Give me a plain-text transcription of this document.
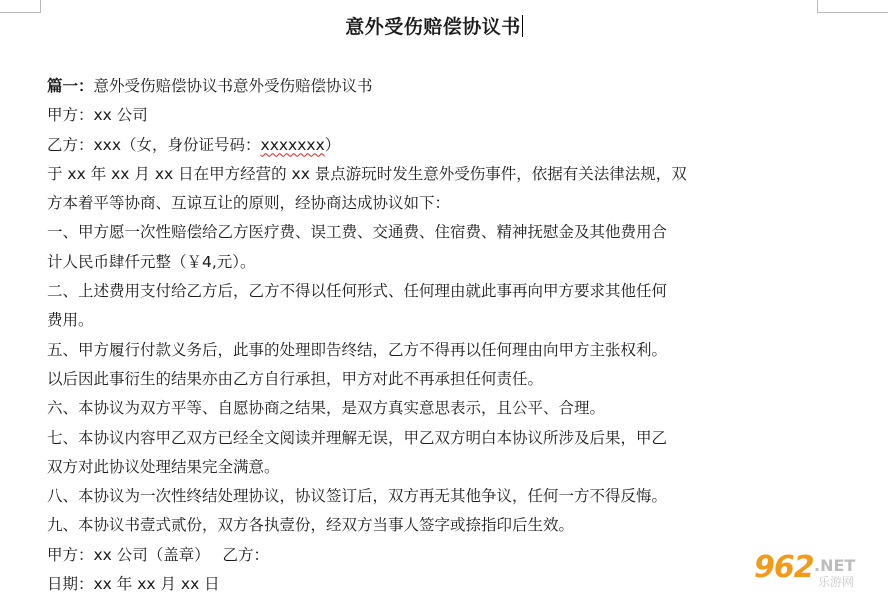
意外受伤赔偿协议书
篇一：意外受伤赔偿协议书意外受伤赔偿协议书
甲方：xx 公司
乙方：xxx（女，身份证号码：xxxxxxx）
于 xx 年 xx 月 xx 日在甲方经营的 xx 景点游玩时发生意外受伤事件，依据有关法律法规，双
方本着平等协商、互谅互让的原则，经协商达成协议如下：
一、甲方愿一次性赔偿给乙方医疗费、误工费、交通费、住宿费、精神抚慰金及其他费用合
计人民币肆仟元整（￥4,元）。
二、上述费用支付给乙方后，乙方不得以任何形式、任何理由就此事再向甲方要求其他任何
费用。
五、甲方履行付款义务后，此事的处理即告终结，乙方不得再以任何理由向甲方主张权利。
以后因此事衍生的结果亦由乙方自行承担，甲方对此不再承担任何责任。
六、本协议为双方平等、自愿协商之结果，是双方真实意思表示，且公平、合理。
七、本协议内容甲乙双方已经全文阅读并理解无误，甲乙双方明白本协议所涉及后果，甲乙
双方对此协议处理结果完全满意。
八、本协议为一次性终结处理协议，协议签订后，双方再无其他争议，任何一方不得反悔。
九、本协议书壹式贰份，双方各执壹份，经双方当事人签字或捺指印后生效。
甲方：xx 公司（盖章）　 乙方：
日期：xx 年 xx 月 xx 日	962 .NET
乐游网
